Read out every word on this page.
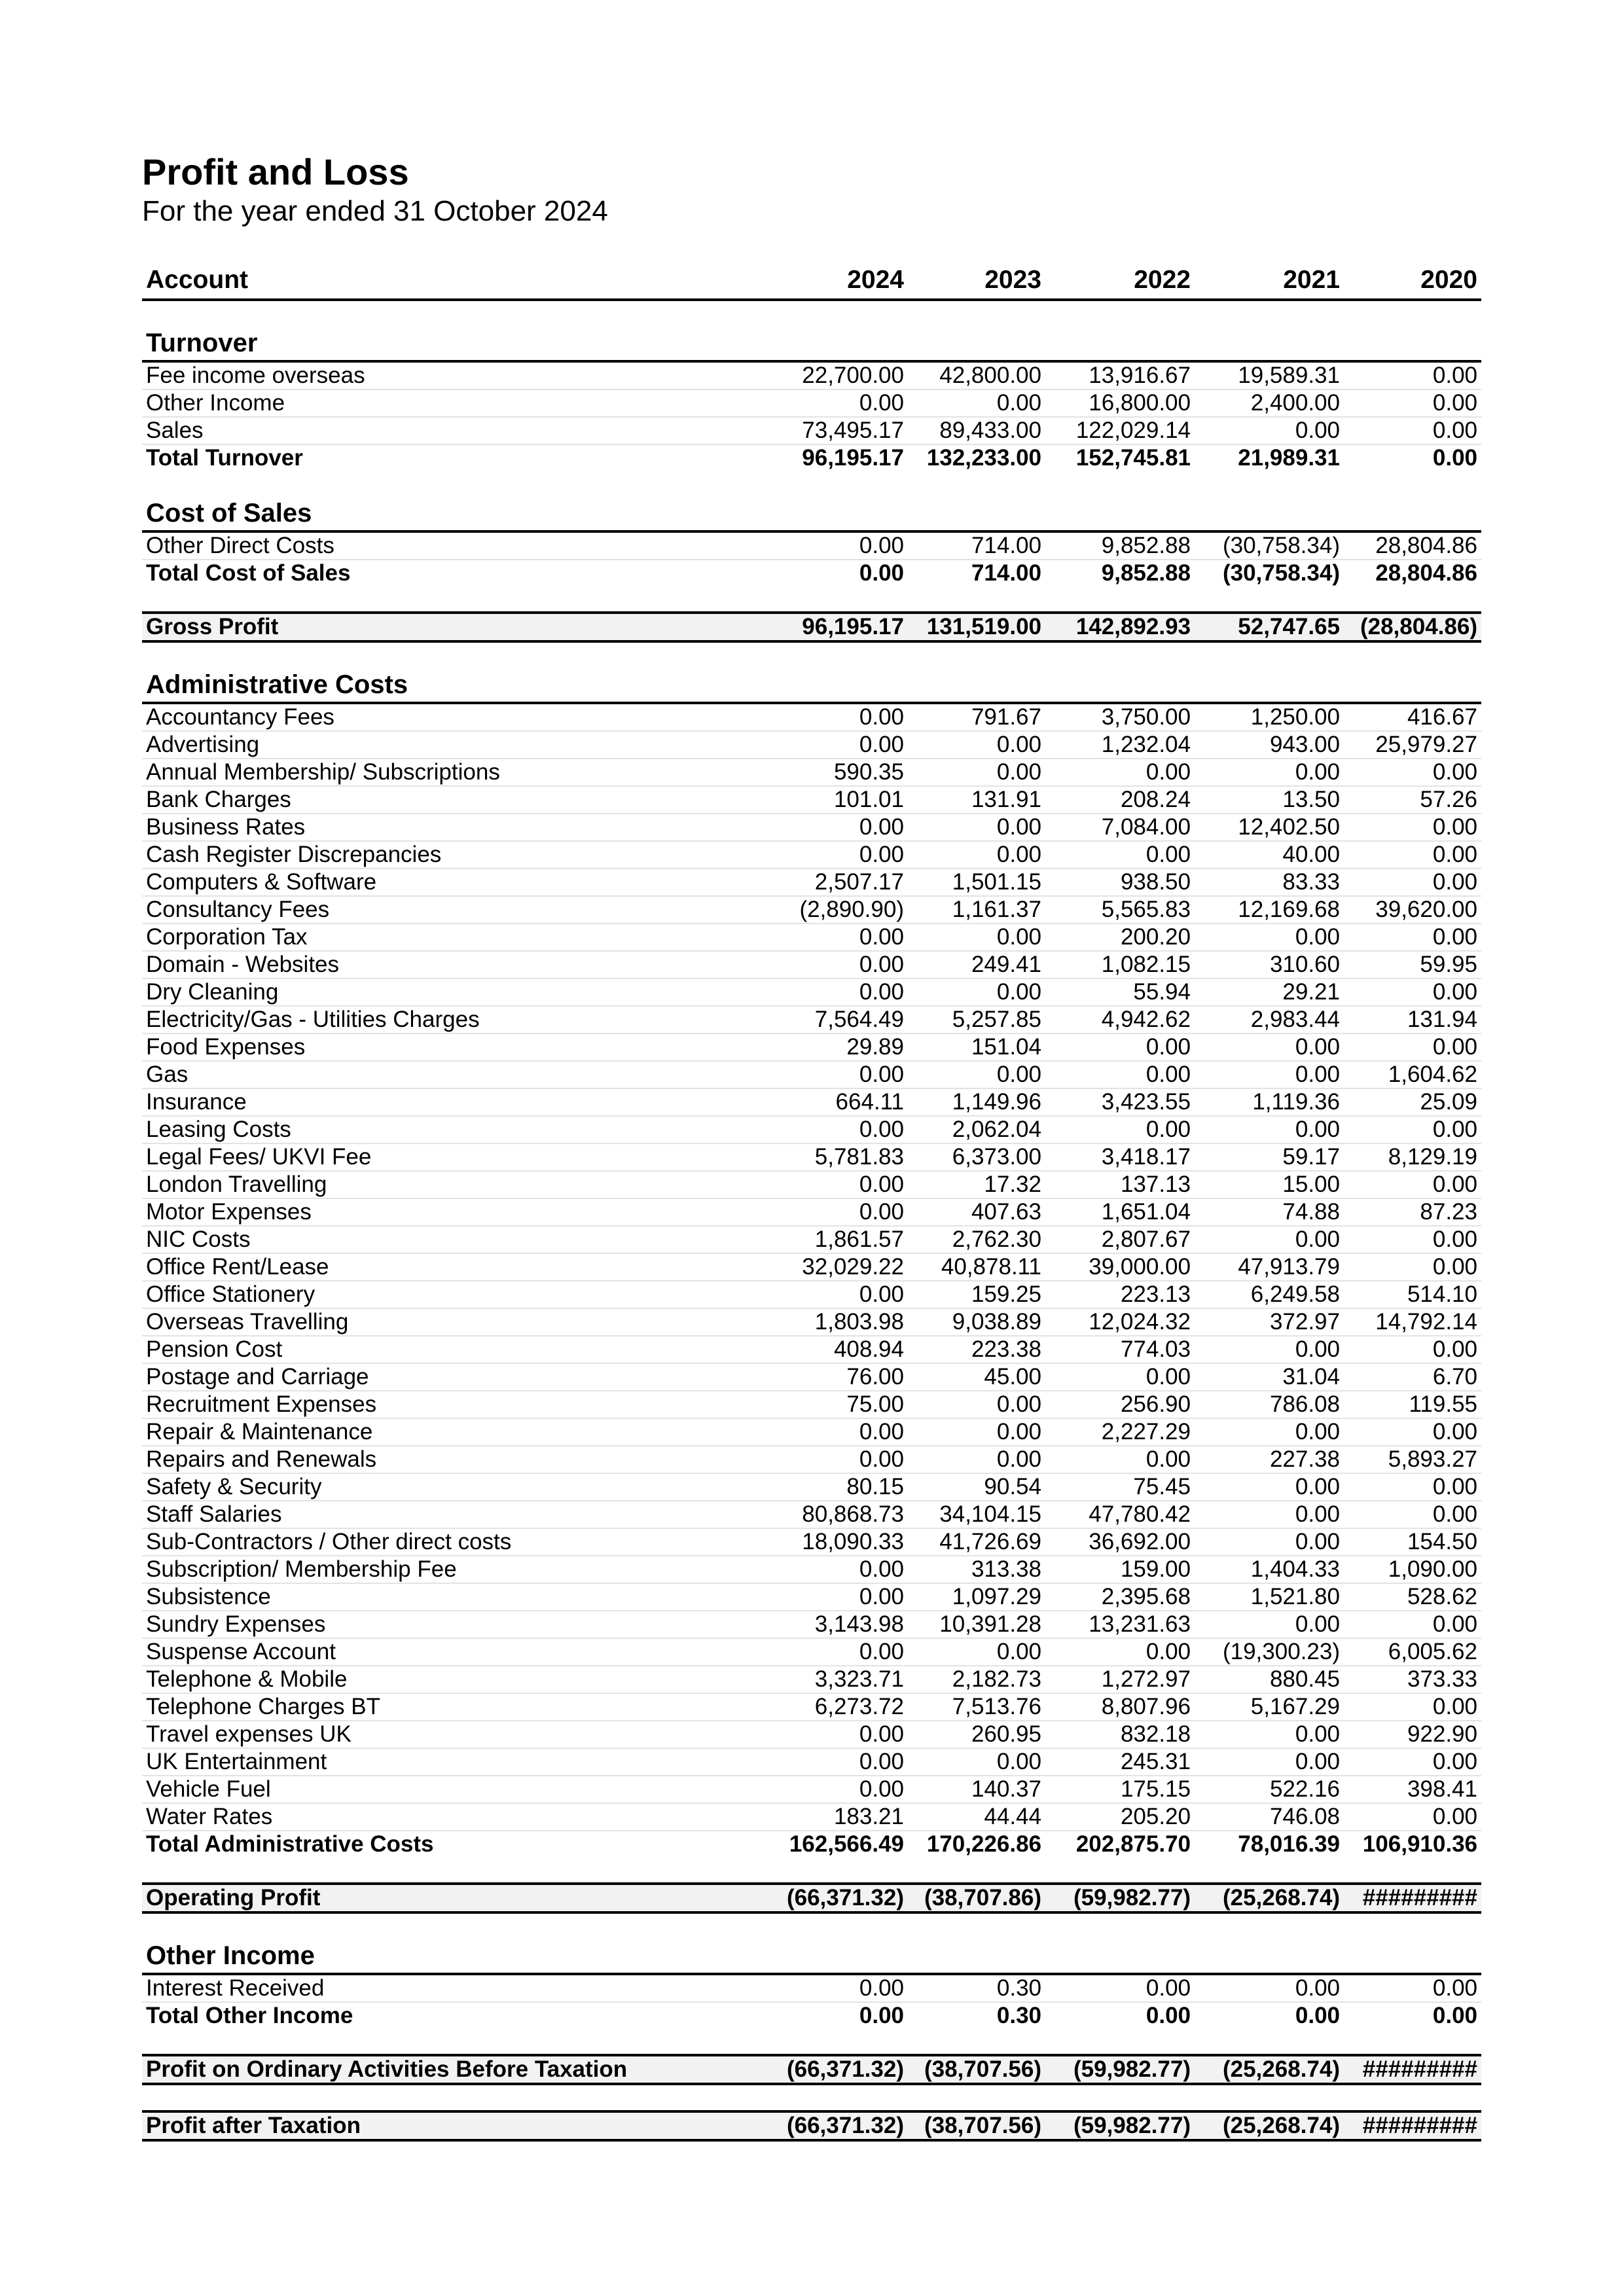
Profit and Loss

For the year ended 31 October 2024

Account	2024	2023	2022	2021	2020

Turnover					
Fee income overseas	22,700.00	42,800.00	13,916.67	19,589.31	0.00
Other Income	0.00	0.00	16,800.00	2,400.00	0.00
Sales	73,495.17	89,433.00	122,029.14	0.00	0.00
Total Turnover	96,195.17	132,233.00	152,745.81	21,989.31	0.00

Cost of Sales					
Other Direct Costs	0.00	714.00	9,852.88	(30,758.34)	28,804.86
Total Cost of Sales	0.00	714.00	9,852.88	(30,758.34)	28,804.86

Gross Profit	96,195.17	131,519.00	142,892.93	52,747.65	(28,804.86)

Administrative Costs					
Accountancy Fees	0.00	791.67	3,750.00	1,250.00	416.67
Advertising	0.00	0.00	1,232.04	943.00	25,979.27
Annual Membership/ Subscriptions	590.35	0.00	0.00	0.00	0.00
Bank Charges	101.01	131.91	208.24	13.50	57.26
Business Rates	0.00	0.00	7,084.00	12,402.50	0.00
Cash Register Discrepancies	0.00	0.00	0.00	40.00	0.00
Computers & Software	2,507.17	1,501.15	938.50	83.33	0.00
Consultancy Fees	(2,890.90)	1,161.37	5,565.83	12,169.68	39,620.00
Corporation Tax	0.00	0.00	200.20	0.00	0.00
Domain - Websites	0.00	249.41	1,082.15	310.60	59.95
Dry Cleaning	0.00	0.00	55.94	29.21	0.00
Electricity/Gas - Utilities Charges	7,564.49	5,257.85	4,942.62	2,983.44	131.94
Food Expenses	29.89	151.04	0.00	0.00	0.00
Gas	0.00	0.00	0.00	0.00	1,604.62
Insurance	664.11	1,149.96	3,423.55	1,119.36	25.09
Leasing Costs	0.00	2,062.04	0.00	0.00	0.00
Legal Fees/ UKVI Fee	5,781.83	6,373.00	3,418.17	59.17	8,129.19
London Travelling	0.00	17.32	137.13	15.00	0.00
Motor Expenses	0.00	407.63	1,651.04	74.88	87.23
NIC Costs	1,861.57	2,762.30	2,807.67	0.00	0.00
Office Rent/Lease	32,029.22	40,878.11	39,000.00	47,913.79	0.00
Office Stationery	0.00	159.25	223.13	6,249.58	514.10
Overseas Travelling	1,803.98	9,038.89	12,024.32	372.97	14,792.14
Pension Cost	408.94	223.38	774.03	0.00	0.00
Postage and Carriage	76.00	45.00	0.00	31.04	6.70
Recruitment Expenses	75.00	0.00	256.90	786.08	119.55
Repair & Maintenance	0.00	0.00	2,227.29	0.00	0.00
Repairs and Renewals	0.00	0.00	0.00	227.38	5,893.27
Safety & Security	80.15	90.54	75.45	0.00	0.00
Staff Salaries	80,868.73	34,104.15	47,780.42	0.00	0.00
Sub-Contractors / Other direct costs	18,090.33	41,726.69	36,692.00	0.00	154.50
Subscription/ Membership Fee	0.00	313.38	159.00	1,404.33	1,090.00
Subsistence	0.00	1,097.29	2,395.68	1,521.80	528.62
Sundry Expenses	3,143.98	10,391.28	13,231.63	0.00	0.00
Suspense Account	0.00	0.00	0.00	(19,300.23)	6,005.62
Telephone & Mobile	3,323.71	2,182.73	1,272.97	880.45	373.33
Telephone Charges BT	6,273.72	7,513.76	8,807.96	5,167.29	0.00
Travel expenses UK	0.00	260.95	832.18	0.00	922.90
UK Entertainment	0.00	0.00	245.31	0.00	0.00
Vehicle Fuel	0.00	140.37	175.15	522.16	398.41
Water Rates	183.21	44.44	205.20	746.08	0.00
Total Administrative Costs	162,566.49	170,226.86	202,875.70	78,016.39	106,910.36

Operating Profit	(66,371.32)	(38,707.86)	(59,982.77)	(25,268.74)	#########

Other Income					
Interest Received	0.00	0.30	0.00	0.00	0.00
Total Other Income	0.00	0.30	0.00	0.00	0.00

Profit on Ordinary Activities Before Taxation	(66,371.32)	(38,707.56)	(59,982.77)	(25,268.74)	#########

Profit after Taxation	(66,371.32)	(38,707.56)	(59,982.77)	(25,268.74)	#########
